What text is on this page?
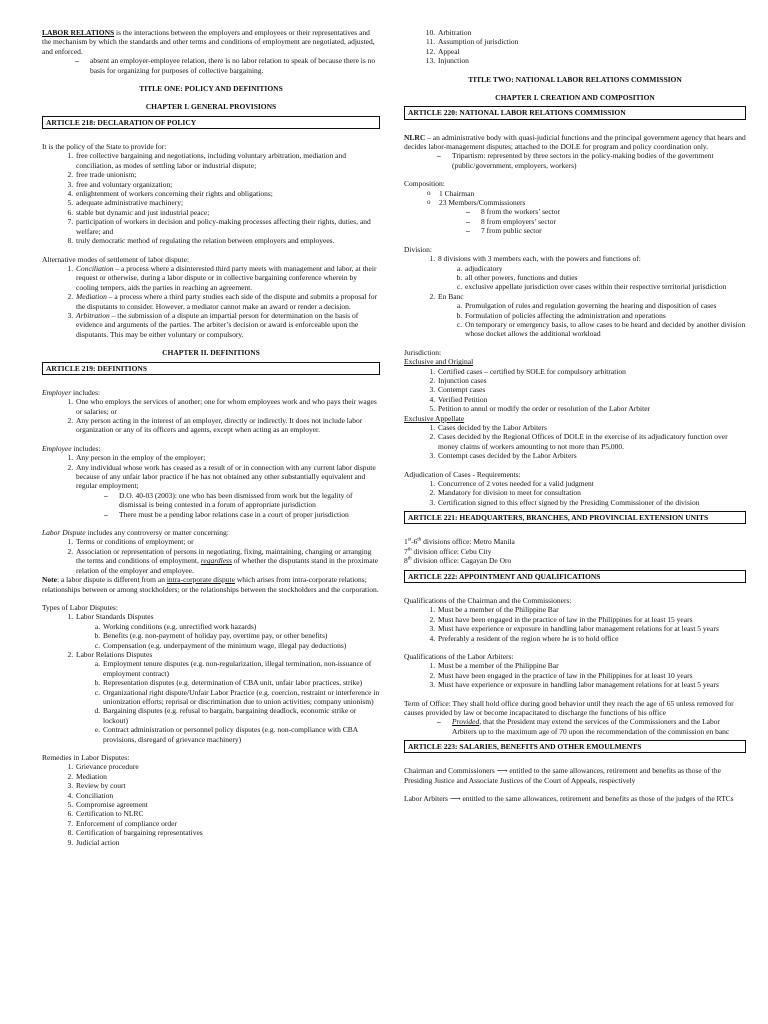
LABOR RELATIONS is the interactions between the employers and employees or their representatives and the mechanism by which the standards and other terms and conditions of employment are negotiated, adjusted, and enforced.

– absent an employer-employee relation, there is no labor relation to speak of because there is no basis for organizing for purposes of collective bargaining.

TITLE ONE: POLICY AND DEFINITIONS

CHAPTER I. GENERAL PROVISIONS

ARTICLE 218: DECLARATION OF POLICY

It is the policy of the State to provide for:

1. free collective bargaining and negotiations, including voluntary arbitration, mediation and conciliation, as modes of settling labor or industrial dispute;
2. free trade unionism;
3. free and voluntary organization;
4. enlightenment of workers concerning their rights and obligations;
5. adequate administrative machinery;
6. stable but dynamic and just industrial peace;
7. participation of workers in decision and policy-making processes affecting their rights, duties, and welfare; and
8. truly democratic method of regulating the relation between employers and employees.

Alternative modes of settlement of labor dispute:

1. Conciliation – a process where a disinterested third party meets with management and labor, at their request or otherwise, during a labor dispute or in collective bargaining conference wherein by cooling tempers, aids the parties in reaching an agreement.
2. Mediation – a process where a third party studies each side of the dispute and submits a proposal for the disputants to consider. However, a mediator cannot make an award or render a decision.
3. Arbitration – the submission of a dispute an impartial person for determination on the basis of evidence and arguments of the parties. The arbiter’s decision or award is enforceable upon the disputants. This may be either voluntary or compulsory.

CHAPTER II. DEFINITIONS

ARTICLE 219: DEFINITIONS

Employer includes:

1. One who employs the services of another; one for whom employees work and who pays their wages or salaries; or
2. Any person acting in the interest of an employer, directly or indirectly. It does not include labor organization or any of its officers and agents, except when acting as an employer.

Employee includes:

1. Any person in the employ of the employer;
2. Any individual whose work has ceased as a result of or in connection with any current labor dispute because of any unfair labor practice if he has not obtained any other substantially equivalent and regular employment;
– D.O. 40-03 (2003): one who has been dismissed from work but the legality of dismissal is being contested in a forum of appropriate jurisdiction
– There must be a pending labor relations case in a court of proper jurisdiction

Labor Dispute includes any controversy or matter concerning:

1. Terms or conditions of employment; or
2. Association or representation of persons in negotiating, fixing, maintaining, changing or arranging the terms and conditions of employment, regardless of whether the disputants stand in the proximate relation of the employer and employee.

Note: a labor dispute is different from an intra-corporate dispute which arises from intra-corporate relations; relationships between or among stockholders; or the relationships between the stockholders and the corporation.

Types of Labor Disputes:

1. Labor Standards Disputes
a. Working conditions (e.g. unrectified work hazards)
b. Benefits (e.g. non-payment of holiday pay, overtime pay, or other benefits)
c. Compensation (e.g. underpayment of the minimum wage, illegal pay deductions)
2. Labor Relations Disputes
a. Employment tenure disputes (e.g. non-regularization, illegal termination, non-issuance of employment contract)
b. Representation disputes (e.g. determination of CBA unit, unfair labor practices, strike)
c. Organizational right dispute/Unfair Labor Practice (e.g. coercion, restraint or interference in unionization efforts; reprisal or discrimination due to union activities; company unionism)
d. Bargaining disputes (e.g. refusal to bargain, bargaining deadlock, economic strike or lockout)
e. Contract administration or personnel policy disputes (e.g. non-compliance with CBA provisions, disregard of grievance machinery)

Remedies in Labor Disputes:

1. Grievance procedure
2. Mediation
3. Review by court
4. Conciliation
5. Compromise agreement
6. Certification to NLRC
7. Enforcement of compliance order
8. Certification of bargaining representatives
9. Judicial action
10. Arbitration
11. Assumption of jurisdiction
12. Appeal
13. Injunction

TITLE TWO: NATIONAL LABOR RELATIONS COMMISSION

CHAPTER I. CREATION AND COMPOSITION

ARTICLE 220: NATIONAL LABOR RELATIONS COMMISSION

NLRC – an administrative body with quasi-judicial functions and the principal government agency that hears and decides labor-management disputes; attached to the DOLE for program and policy coordination only.

– Tripartism: represented by three sectors in the policy-making bodies of the government (public/government, employers, workers)

Composition:

o 1 Chairman
o 23 Members/Commissioners
– 8 from the workers’ sector
– 8 from employers’ sector
– 7 from public sector

Division:

1. 8 divisions with 3 members each, with the powers and functions of:
a. adjudicatory
b. all other powers, functions and duties
c. exclusive appellate jurisdiction over cases within their respective territorial jurisdiction
2. En Banc
a. Promulgation of rules and regulation governing the hearing and disposition of cases
b. Formulation of policies affecting the administration and operations
c. On temporary or emergency basis, to allow cases to be heard and decided by another division whose docket allows the additional workload

Jurisdiction:

Exclusive and Original

1. Certified cases – certified by SOLE for compulsory arbitration
2. Injunction cases
3. Contempt cases
4. Verified Petition
5. Petition to annul or modify the order or resolution of the Labor Arbiter

Exclusive Appellate

1. Cases decided by the Labor Arbiters
2. Cases decided by the Regional Offices of DOLE in the exercise of its adjudicatory function over money claims of workers amounting to not more than P5,000.
3. Contempt cases decided by the Labor Arbiters

Adjudication of Cases - Requirements:

1. Concurrence of 2 votes needed for a valid judgment
2. Mandatory for division to meet for consultation
3. Certification signed to this effect signed by the Presiding Commissioner of the division
ARTICLE 221: HEADQUARTERS, BRANCHES, AND PROVINCIAL EXTENSION UNITS

1st-6th divisions office: Metro Manila

7th division office: Cebu City

8th division office: Cagayan De Oro

ARTICLE 222: APPOINTMENT AND QUALIFICATIONS

Qualifications of the Chairman and the Commissioners:

1. Must be a member of the Philippine Bar
2. Must have been engaged in the practice of law in the Philippines for at least 15 years
3. Must have experience or exposure in handling labor management relations for at least 5 years
4. Preferably a resident of the region where he is to hold office

Qualifications of the Labor Arbiters:

1. Must be a member of the Philippine Bar
2. Must have been engaged in the practice of law in the Philippines for at least 10 years
3. Must have experience or exposure in handling labor management relations for at least 5 years

Term of Office: They shall hold office during good behavior until they reach the age of 65 unless removed for causes provided by law or become incapacitated to discharge the functions of his office

– Provided, that the President may extend the services of the Commissioners and the Labor Arbiters up to the maximum age of 70 upon the recommendation of the commission en banc
ARTICLE 223: SALARIES, BENEFITS AND OTHER EMOULMENTS

Chairman and Commissioners ⟶ entitled to the same allowances, retirement and benefits as those of the Presiding Justice and Associate Justices of the Court of Appeals, respectively

Labor Arbiters ⟶ entitled to the same allowances, retirement and benefits as those of the judges of the RTCs
